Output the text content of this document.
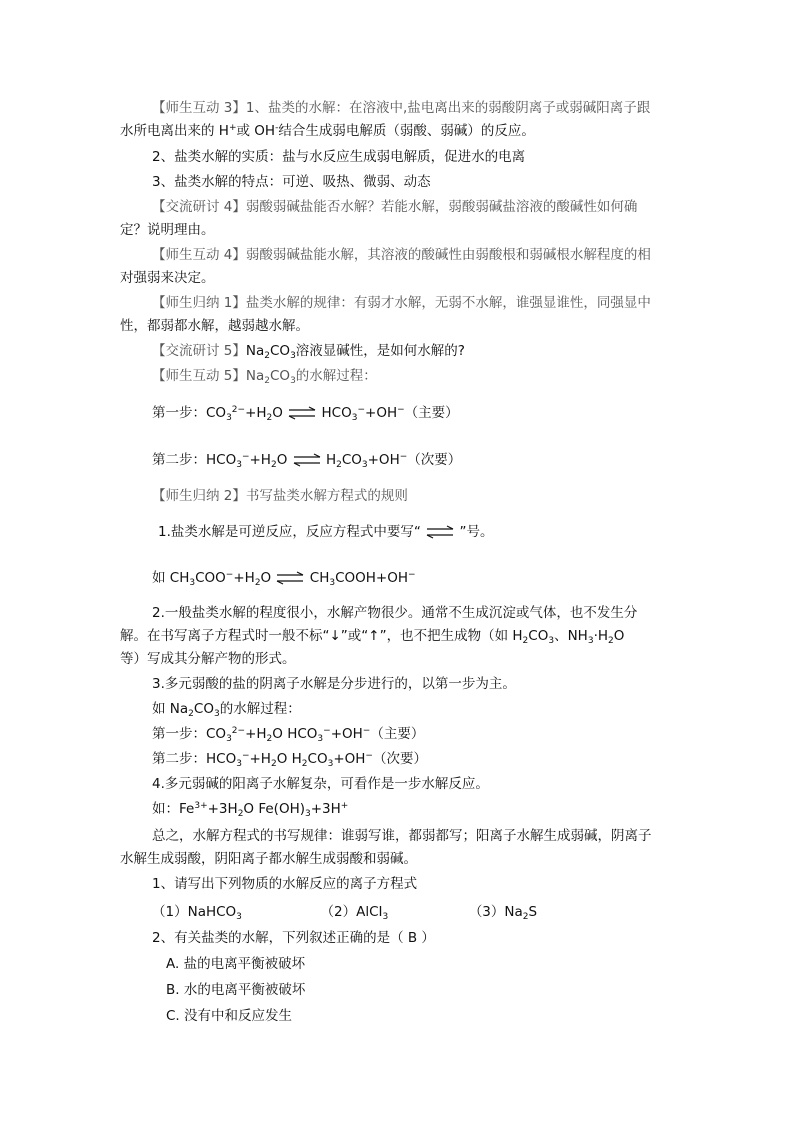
【师生互动 3】1、盐类的水解：在溶液中,盐电离出来的弱酸阴离子或弱碱阳离子跟
水所电离出来的 H+或 OH-结合生成弱电解质（弱酸、弱碱）的反应。
2、盐类水解的实质：盐与水反应生成弱电解质，促进水的电离
3、盐类水解的特点：可逆、吸热、微弱、动态
【交流研讨 4】弱酸弱碱盐能否水解？若能水解，弱酸弱碱盐溶液的酸碱性如何确
定？说明理由。
【师生互动 4】弱酸弱碱盐能水解，其溶液的酸碱性由弱酸根和弱碱根水解程度的相
对强弱来决定。
【师生归纳 1】盐类水解的规律：有弱才水解，无弱不水解，谁强显谁性，同强显中
性，都弱都水解，越弱越水解。
【交流研讨 5】$Na_2CO_3$溶液显碱性，是如何水解的?
【师生互动 5】$Na_2CO_3$的水解过程：
第一步：$CO_3^{2-}+H_2O$ ⇌ $HCO_3^-+OH^-$（主要）
第二步：$HCO_3^-+H_2O$ ⇌ $H_2CO_3+OH^-$（次要）
【师生归纳 2】书写盐类水解方程式的规则
1.盐类水解是可逆反应，反应方程式中要写“ ⇌ ”号。
如 $CH_3COO^-+H_2O$ ⇌ $CH_3COOH+OH^-$
2.一般盐类水解的程度很小，水解产物很少。通常不生成沉淀或气体，也不发生分
解。在书写离子方程式时一般不标“↓”或“↑”，也不把生成物（如 $H_2CO_3$、$NH_3\cdot H_2O$
等）写成其分解产物的形式。
3.多元弱酸的盐的阴离子水解是分步进行的，以第一步为主。
如 $Na_2CO_3$的水解过程：
第一步：$CO_3^{2-}+H_2O$ $HCO_3^-+OH^-$（主要）
第二步：$HCO_3^-+H_2O$ $H_2CO_3+OH^-$（次要）
4.多元弱碱的阳离子水解复杂，可看作是一步水解反应。
如：$Fe^{3+}+3H_2O$ $Fe(OH)_3+3H^+$
总之，水解方程式的书写规律：谁弱写谁，都弱都写；阳离子水解生成弱碱，阴离子
水解生成弱酸，阴阳离子都水解生成弱酸和弱碱。
1、请写出下列物质的水解反应的离子方程式
（1）NaHCO$_3$	（2）AlCI$_3$	$(3)Na_2S$
2、有关盐类的水解，下列叙述正确的是（ B ）
A. 盐的电离平衡被破坏
B. 水的电离平衡被破坏
C. 没有中和反应发生
